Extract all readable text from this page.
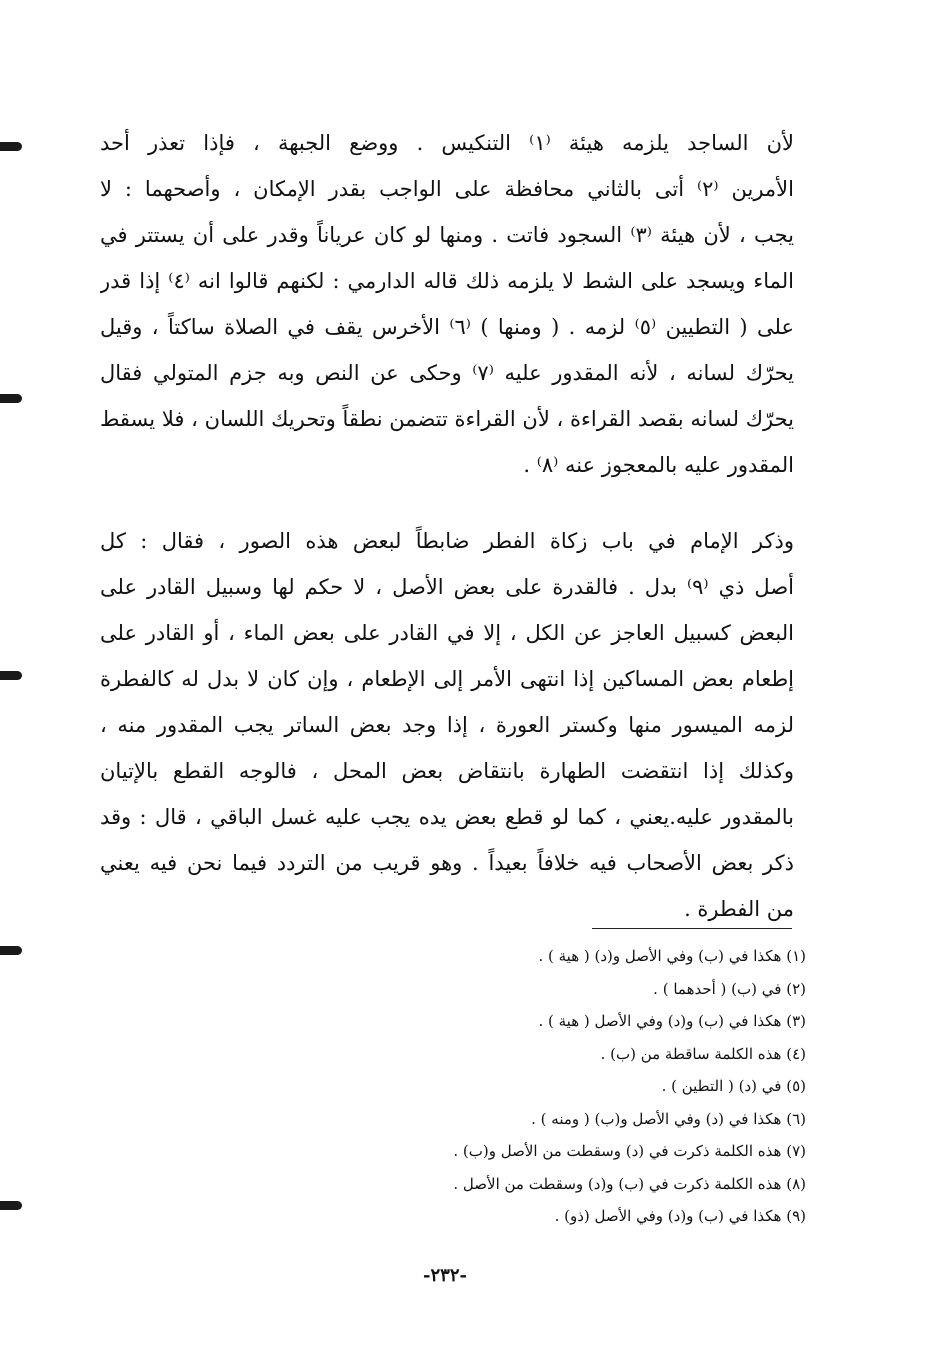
لأن الساجد يلزمه هيئة ⁽١⁾ التنكيس . ووضع الجبهة ، فإذا تعذر أحد
الأمرين ⁽٢⁾ أتى بالثاني محافظة على الواجب بقدر الإمكان ، وأصحهما : لا
يجب ، لأن هيئة ⁽٣⁾ السجود فاتت . ومنها لو كان عرياناً وقدر على أن يستتر في
الماء ويسجد على الشط لا يلزمه ذلك قاله الدارمي : لكنهم قالوا انه ⁽٤⁾ إذا قدر
على ( التطيين ⁽٥⁾ لزمه . ( ومنها ) ⁽٦⁾ الأخرس يقف في الصلاة ساكتاً ، وقيل
يحرّك لسانه ، لأنه المقدور عليه ⁽٧⁾ وحكى عن النص وبه جزم المتولي فقال
يحرّك لسانه بقصد القراءة ، لأن القراءة تتضمن نطقاً وتحريك اللسان ، فلا يسقط
المقدور عليه بالمعجوز عنه ⁽٨⁾ .
وذكر الإمام في باب زكاة الفطر ضابطاً لبعض هذه الصور ، فقال : كل
أصل ذي ⁽٩⁾ بدل . فالقدرة على بعض الأصل ، لا حكم لها وسبيل القادر على
البعض كسبيل العاجز عن الكل ، إلا في القادر على بعض الماء ، أو القادر على
إطعام بعض المساكين إذا انتهى الأمر إلى الإطعام ، وإن كان لا بدل له كالفطرة
لزمه الميسور منها وكستر العورة ، إذا وجد بعض الساتر يجب المقدور منه ،
وكذلك إذا انتقضت الطهارة بانتقاض بعض المحل ، فالوجه القطع بالإتيان
بالمقدور عليه.يعني ، كما لو قطع بعض يده يجب عليه غسل الباقي ، قال : وقد
ذكر بعض الأصحاب فيه خلافاً بعيداً . وهو قريب من التردد فيما نحن فيه يعني
من الفطرة .
(١) هكذا في (ب) وفي الأصل و(د) ( هية ) .
(٢) في (ب) ( أحدهما ) .
(٣) هكذا في (ب) و(د) وفي الأصل ( هية ) .
(٤) هذه الكلمة ساقطة من (ب) .
(٥) في (د) ( التطين ) .
(٦) هكذا في (د) وفي الأصل و(ب) ( ومنه ) .
(٧) هذه الكلمة ذكرت في (د) وسقطت من الأصل و(ب) .
(٨) هذه الكلمة ذكرت في (ب) و(د) وسقطت من الأصل .
(٩) هكذا في (ب) و(د) وفي الأصل (ذو) .
-٢٣٢-
